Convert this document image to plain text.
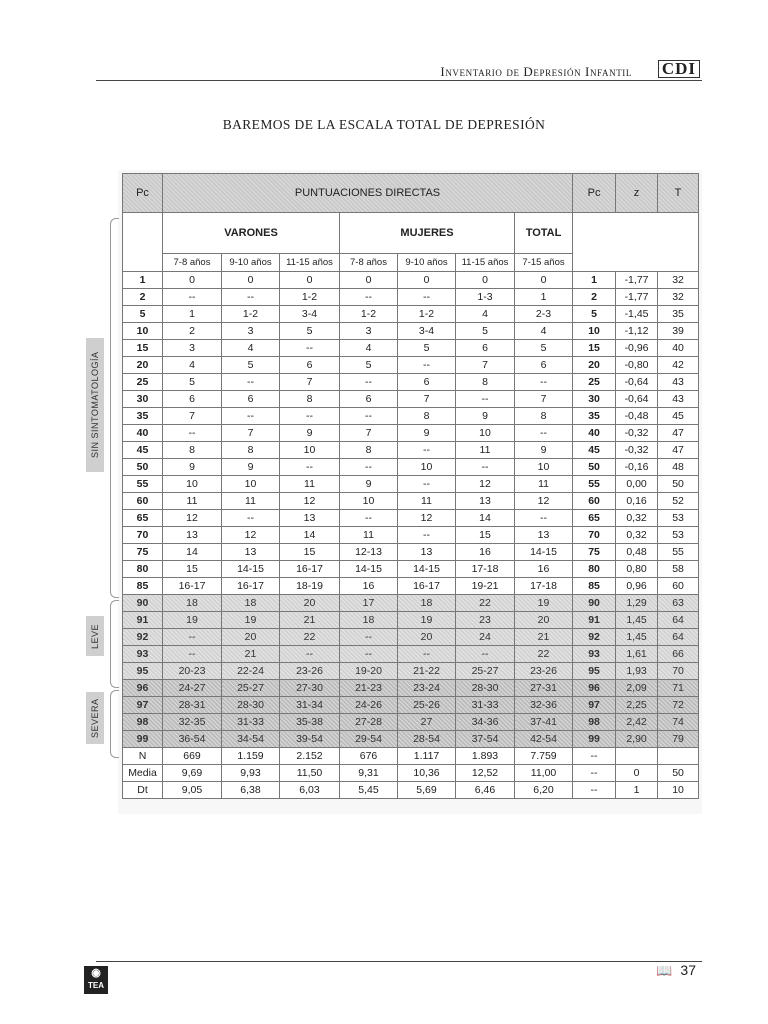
Inventario de Depresión Infantil CDI
BAREMOS DE LA ESCALA TOTAL DE DEPRESIÓN
SIN SINTOMATOLOGÍA
LEVE
SEVERA
Pc	PUNTUACIONES DIRECTAS							Pc	z	T
	VARONES			MUJERES			TOTAL			
	7-8 años	9-10 años	11-15 años	7-8 años	9-10 años	11-15 años	7-15 años			
1	0	0	0	0	0	0	0	1	-1,77	32
2	--	--	1-2	--	--	1-3	1	2	-1,77	32
5	1	1-2	3-4	1-2	1-2	4	2-3	5	-1,45	35
10	2	3	5	3	3-4	5	4	10	-1,12	39
15	3	4	--	4	5	6	5	15	-0,96	40
20	4	5	6	5	--	7	6	20	-0,80	42
25	5	--	7	--	6	8	--	25	-0,64	43
30	6	6	8	6	7	--	7	30	-0,64	43
35	7	--	--	--	8	9	8	35	-0,48	45
40	--	7	9	7	9	10	--	40	-0,32	47
45	8	8	10	8	--	11	9	45	-0,32	47
50	9	9	--	--	10	--	10	50	-0,16	48
55	10	10	11	9	--	12	11	55	0,00	50
60	11	11	12	10	11	13	12	60	0,16	52
65	12	--	13	--	12	14	--	65	0,32	53
70	13	12	14	11	--	15	13	70	0,32	53
75	14	13	15	12-13	13	16	14-15	75	0,48	55
80	15	14-15	16-17	14-15	14-15	17-18	16	80	0,80	58
85	16-17	16-17	18-19	16	16-17	19-21	17-18	85	0,96	60
90	18	18	20	17	18	22	19	90	1,29	63
91	19	19	21	18	19	23	20	91	1,45	64
92	--	20	22	--	20	24	21	92	1,45	64
93	--	21	--	--	--	--	22	93	1,61	66
95	20-23	22-24	23-26	19-20	21-22	25-27	23-26	95	1,93	70
96	24-27	25-27	27-30	21-23	23-24	28-30	27-31	96	2,09	71
97	28-31	28-30	31-34	24-26	25-26	31-33	32-36	97	2,25	72
98	32-35	31-33	35-38	27-28	27	34-36	37-41	98	2,42	74
99	36-54	34-54	39-54	29-54	28-54	37-54	42-54	99	2,90	79
N	669	1.159	2.152	676	1.117	1.893	7.759	--		
Media	9,69	9,93	11,50	9,31	10,36	12,52	11,00	--	0	50
Dt	9,05	6,38	6,03	5,45	5,69	6,46	6,20	--	1	10
◉
TEA
📖 37
